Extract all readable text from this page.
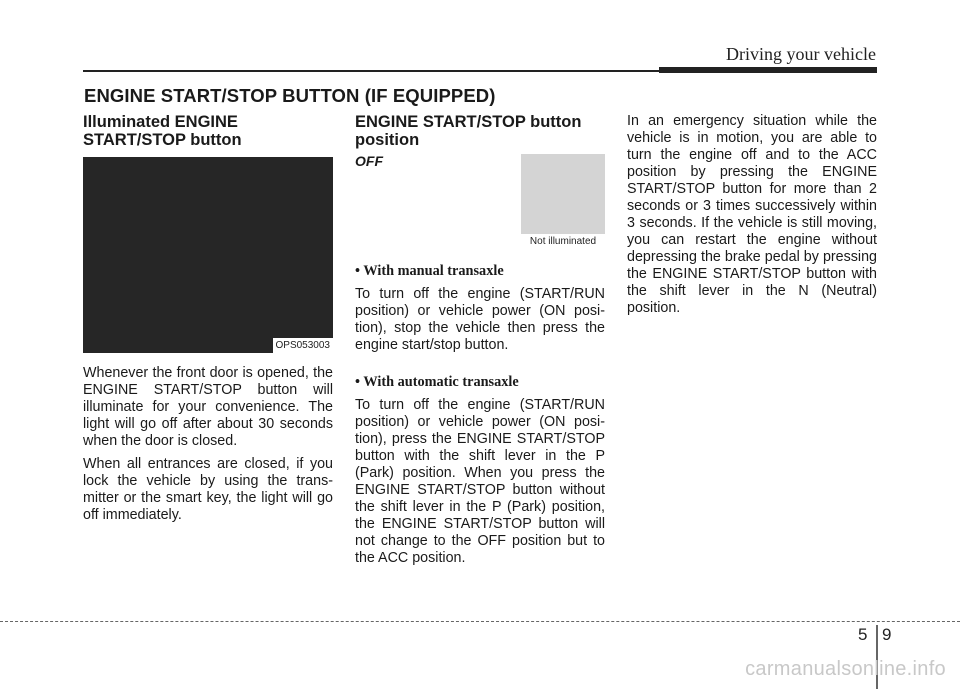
Driving your vehicle
ENGINE START/STOP BUTTON (IF EQUIPPED)
Illuminated ENGINE
START/STOP button
OPS053003

Whenever the front door is opened, the ENGINE START/STOP button will illuminate for your convenience. The light will go off after about 30 seconds when the door is closed.

When all entrances are closed, if you lock the vehicle by using the trans-mitter or the smart key, the light will go off immediately.

ENGINE START/STOP button
position
OFF
Not illuminated

• With manual transaxle

To turn off the engine (START/RUN position) or vehicle power (ON posi-tion), stop the vehicle then press the engine start/stop button.

• With automatic transaxle

To turn off the engine (START/RUN position) or vehicle power (ON posi-tion), press the ENGINE START/STOP button with the shift lever in the P (Park) position. When you press the ENGINE START/STOP button without the shift lever in the P (Park) position, the ENGINE START/STOP button will not change to the OFF position but to the ACC position.

In an emergency situation while the vehicle is in motion, you are able to turn the engine off and to the ACC position by pressing the ENGINE START/STOP button for more than 2 seconds or 3 times successively within 3 seconds. If the vehicle is still moving, you can restart the engine without depressing the brake pedal by pressing the ENGINE START/STOP button with the shift lever in the N (Neutral) position.

5 9
carmanualsonline.info
